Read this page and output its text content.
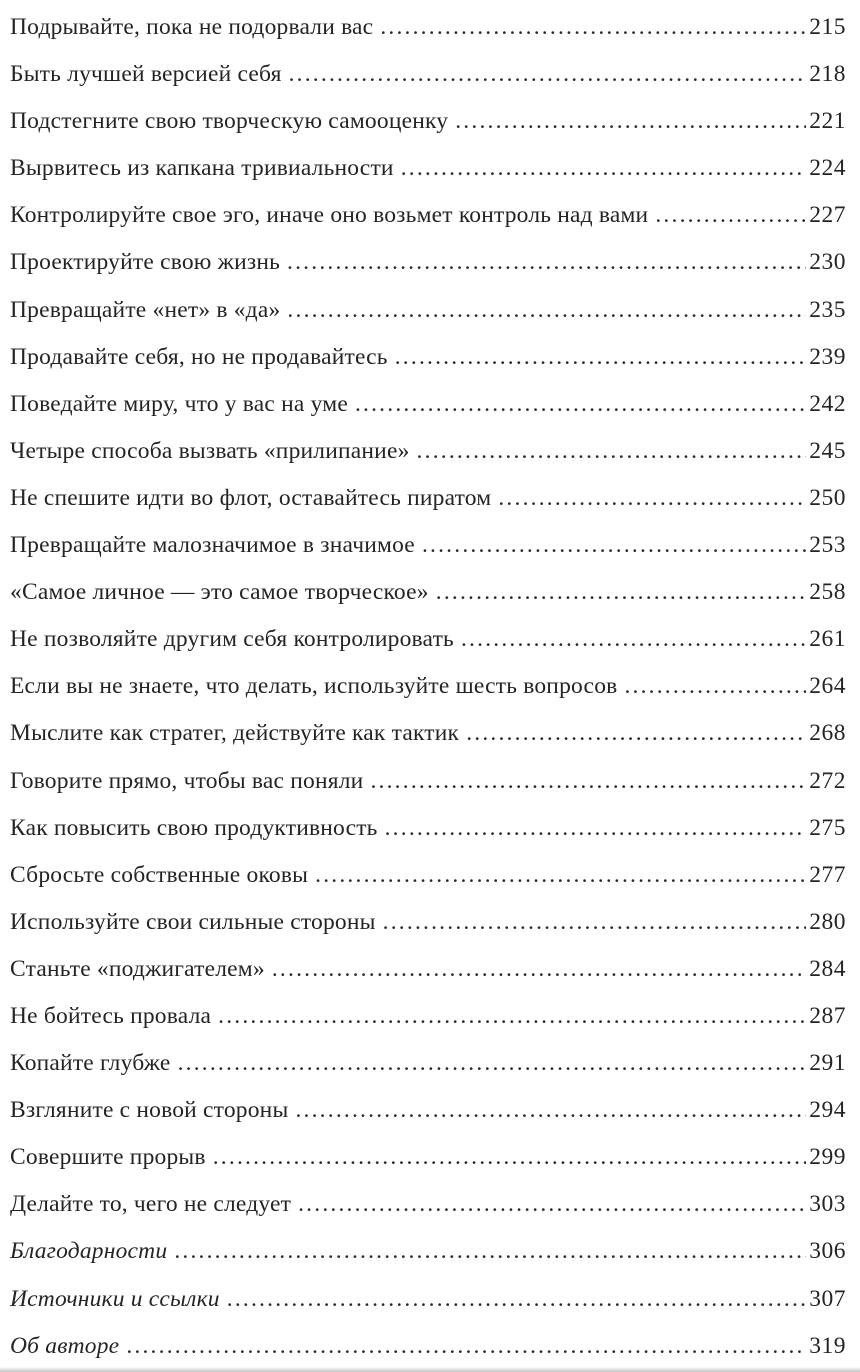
Подрывайте, пока не подорвали вас .....	215
Быть лучшей версией себя .....	218
Подстегните свою творческую самооценку .....	221
Вырвитесь из капкана тривиальности .....	224
Контролируйте свое эго, иначе оно возьмет контроль над вами .....	227
Проектируйте свою жизнь .....	230
Превращайте «нет» в «да» .....	235
Продавайте себя, но не продавайтесь .....	239
Поведайте миру, что у вас на уме .....	242
Четыре способа вызвать «прилипание» .....	245
Не спешите идти во флот, оставайтесь пиратом .....	250
Превращайте малозначимое в значимое .....	253
«Самое личное — это самое творческое» .....	258
Не позволяйте другим себя контролировать .....	261
Если вы не знаете, что делать, используйте шесть вопросов .....	264
Мыслите как стратег, действуйте как тактик .....	268
Говорите прямо, чтобы вас поняли .....	272
Как повысить свою продуктивность .....	275
Сбросьте собственные оковы .....	277
Используйте свои сильные стороны .....	280
Станьте «поджигателем» .....	284
Не бойтесь провала .....	287
Копайте глубже .....	291
Взгляните с новой стороны .....	294
Совершите прорыв .....	299
Делайте то, чего не следует .....	303
Благодарности .....	306
Источники и ссылки .....	307
Об авторе .....	319
